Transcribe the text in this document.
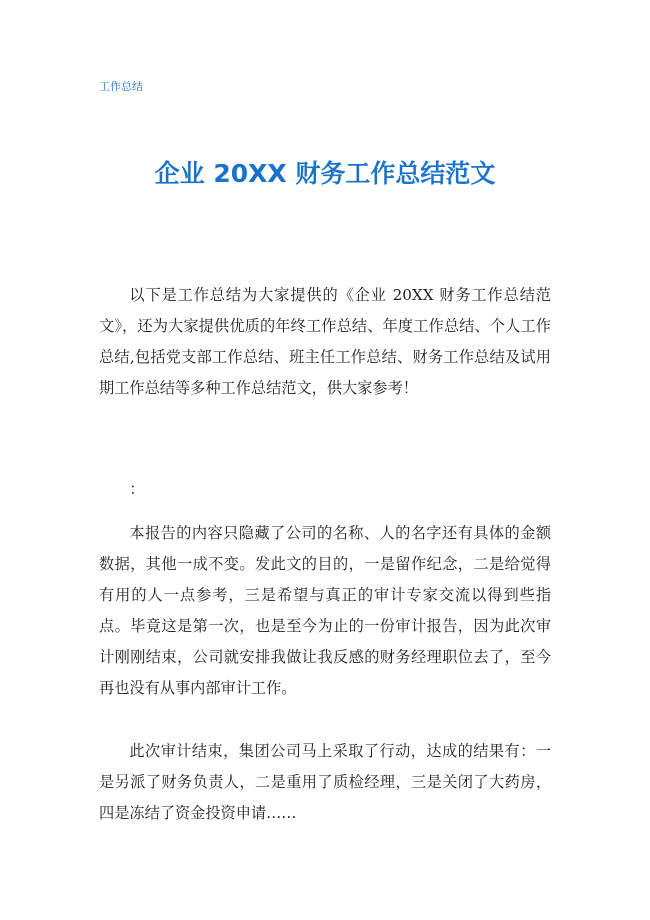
工作总结
企业 20XX 财务工作总结范文

以下是工作总结为大家提供的《企业 20XX 财务工作总结范文》，还为大家提供优质的年终工作总结、年度工作总结、个人工作总结,包括党支部工作总结、班主任工作总结、财务工作总结及试用期工作总结等多种工作总结范文，供大家参考！

：

本报告的内容只隐藏了公司的名称、人的名字还有具体的金额数据，其他一成不变。发此文的目的，一是留作纪念，二是给觉得有用的人一点参考，三是希望与真正的审计专家交流以得到些指点。毕竟这是第一次，也是至今为止的一份审计报告，因为此次审计刚刚结束，公司就安排我做让我反感的财务经理职位去了，至今再也没有从事内部审计工作。

此次审计结束，集团公司马上采取了行动，达成的结果有：一是另派了财务负责人，二是重用了质检经理，三是关闭了大药房，四是冻结了资金投资申请……
